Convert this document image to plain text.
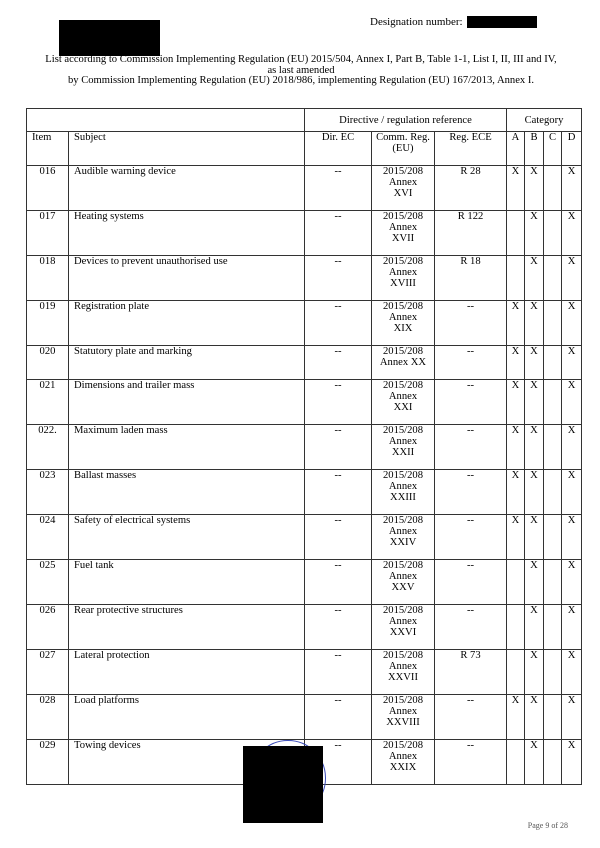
Designation number:
List according to Commission Implementing Regulation (EU) 2015/504, Annex I, Part B, Table 1-1, List I, II, III and IV,
as last amended
by Commission Implementing Regulation (EU) 2018/986, implementing Regulation (EU) 167/2013, Annex I.
		Directive / regulation reference			Category			
Item	Subject	Dir. EC	Comm. Reg. (EU)	Reg. ECE	A	B	C	D
016	Audible warning device	--	2015/208
Annex
XVI	R 28	X	X		X
017	Heating systems	--	2015/208
Annex
XVII	R 122		X		X
018	Devices to prevent unauthorised use	--	2015/208
Annex
XVIII	R 18		X		X
019	Registration plate	--	2015/208
Annex
XIX	--	X	X		X
020	Statutory plate and marking	--	2015/208
Annex XX	--	X	X		X
021	Dimensions and trailer mass	--	2015/208
Annex
XXI	--	X	X		X
022.	Maximum laden mass	--	2015/208
Annex
XXII	--	X	X		X
023	Ballast masses	--	2015/208
Annex
XXIII	--	X	X		X
024	Safety of electrical systems	--	2015/208
Annex
XXIV	--	X	X		X
025	Fuel tank	--	2015/208
Annex
XXV	--		X		X
026	Rear protective structures	--	2015/208
Annex
XXVI	--		X		X
027	Lateral protection	--	2015/208
Annex
XXVII	R 73		X		X
028	Load platforms	--	2015/208
Annex
XXVIII	--	X	X		X
029	Towing devices	--	2015/208
Annex
XXIX	--		X		X
Page 9 of 28
